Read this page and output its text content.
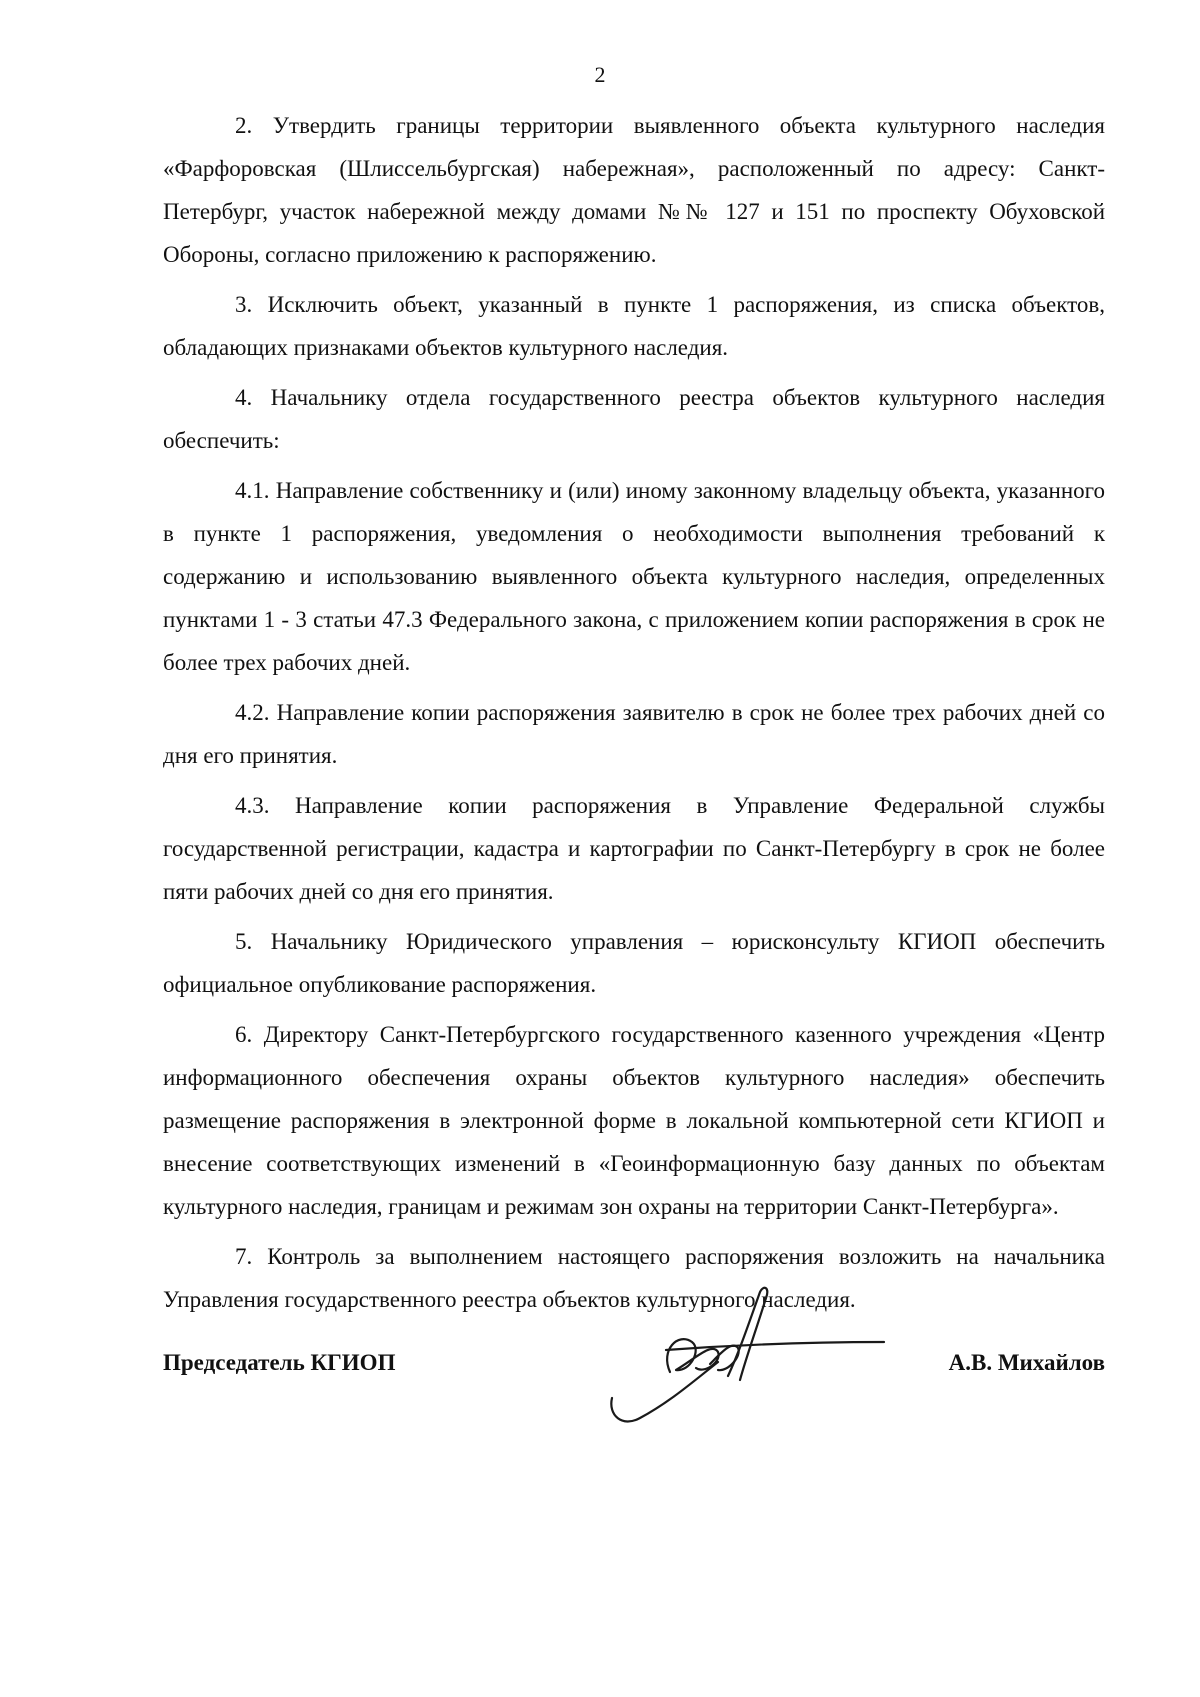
2

2. Утвердить границы территории выявленного объекта культурного наследия «Фарфоровская (Шлиссельбургская) набережная», расположенный по адресу: Санкт-Петербург, участок набережной между домами №№ 127 и 151 по проспекту Обуховской Обороны, согласно приложению к распоряжению.

3. Исключить объект, указанный в пункте 1 распоряжения, из списка объектов, обладающих признаками объектов культурного наследия.

4. Начальнику отдела государственного реестра объектов культурного наследия обеспечить:

4.1. Направление собственнику и (или) иному законному владельцу объекта, указанного в пункте 1 распоряжения, уведомления о необходимости выполнения требований к содержанию и использованию выявленного объекта культурного наследия, определенных пунктами 1 - 3 статьи 47.3 Федерального закона, с приложением копии распоряжения в срок не более трех рабочих дней.

4.2. Направление копии распоряжения заявителю в срок не более трех рабочих дней со дня его принятия.

4.3. Направление копии распоряжения в Управление Федеральной службы государственной регистрации, кадастра и картографии по Санкт-Петербургу в срок не более пяти рабочих дней со дня его принятия.

5. Начальнику Юридического управления – юрисконсульту КГИОП обеспечить официальное опубликование распоряжения.

6. Директору Санкт-Петербургского государственного казенного учреждения «Центр информационного обеспечения охраны объектов культурного наследия» обеспечить размещение распоряжения в электронной форме в локальной компьютерной сети КГИОП и внесение соответствующих изменений в «Геоинформационную базу данных по объектам культурного наследия, границам и режимам зон охраны на территории Санкт-Петербурга».

7. Контроль за выполнением настоящего распоряжения возложить на начальника Управления государственного реестра объектов культурного наследия.

Председатель КГИОП	А.В. Михайлов
